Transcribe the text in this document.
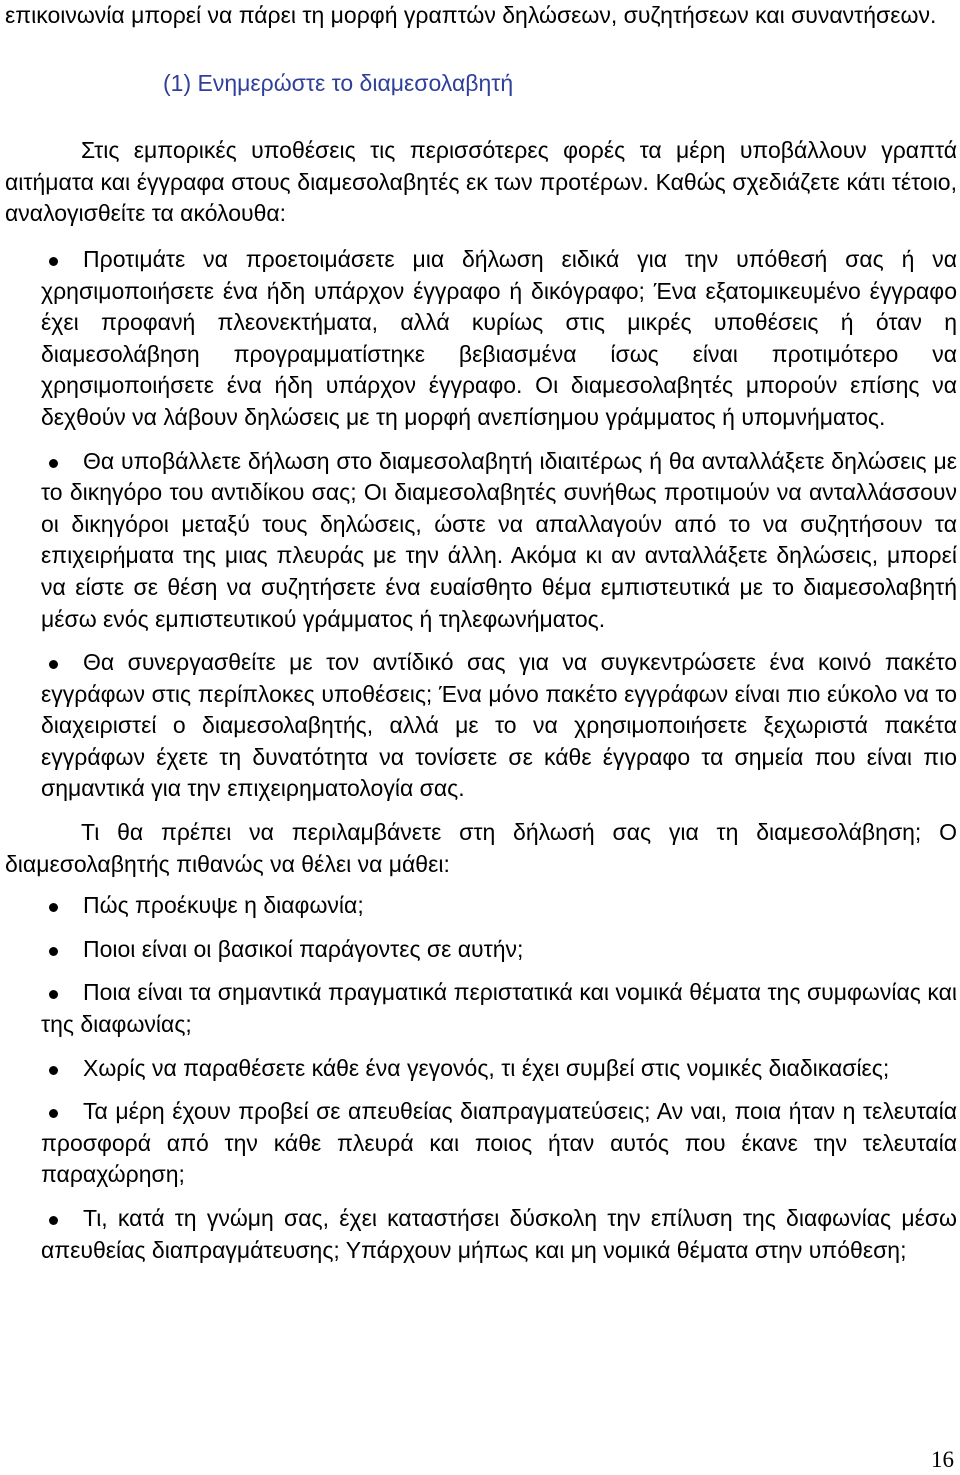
επικοινωνία μπορεί να πάρει τη μορφή γραπτών δηλώσεων, συζητήσεων και συναντήσεων.

(1) Ενημερώστε το διαμεσολαβητή

Στις εμπορικές υποθέσεις τις περισσότερες φορές τα μέρη υποβάλλουν γραπτά αιτήματα και έγγραφα στους διαμεσολαβητές εκ των προτέρων. Καθώς σχεδιάζετε κάτι τέτοιο, αναλογισθείτε τα ακόλουθα:

Προτιμάτε να προετοιμάσετε μια δήλωση ειδικά για την υπόθεσή σας ή να χρησιμοποιήσετε ένα ήδη υπάρχον έγγραφο ή δικόγραφο; Ένα εξατομικευμένο έγγραφο έχει προφανή πλεονεκτήματα, αλλά κυρίως στις μικρές υποθέσεις ή όταν η διαμεσολάβηση προγραμματίστηκε βεβιασμένα ίσως είναι προτιμότερο να χρησιμοποιήσετε ένα ήδη υπάρχον έγγραφο. Οι διαμεσολαβητές μπορούν επίσης να δεχθούν να λάβουν δηλώσεις με τη μορφή ανεπίσημου γράμματος ή υπομνήματος.
Θα υποβάλλετε δήλωση στο διαμεσολαβητή ιδιαιτέρως ή θα ανταλλάξετε δηλώσεις με το δικηγόρο του αντιδίκου σας; Οι διαμεσολαβητές συνήθως προτιμούν να ανταλλάσσουν οι δικηγόροι μεταξύ τους δηλώσεις, ώστε να απαλλαγούν από το να συζητήσουν τα επιχειρήματα της μιας πλευράς με την άλλη. Ακόμα κι αν ανταλλάξετε δηλώσεις, μπορεί να είστε σε θέση να συζητήσετε ένα ευαίσθητο θέμα εμπιστευτικά με το διαμεσολαβητή μέσω ενός εμπιστευτικού γράμματος ή τηλεφωνήματος.
Θα συνεργασθείτε με τον αντίδικό σας για να συγκεντρώσετε ένα κοινό πακέτο εγγράφων στις περίπλοκες υποθέσεις; Ένα μόνο πακέτο εγγράφων είναι πιο εύκολο να το διαχειριστεί ο διαμεσολαβητής, αλλά με το να χρησιμοποιήσετε ξεχωριστά πακέτα εγγράφων έχετε τη δυνατότητα να τονίσετε σε κάθε έγγραφο τα σημεία που είναι πιο σημαντικά για την επιχειρηματολογία σας.

Τι θα πρέπει να περιλαμβάνετε στη δήλωσή σας για τη διαμεσολάβηση; Ο διαμεσολαβητής πιθανώς να θέλει να μάθει:

Πώς προέκυψε η διαφωνία;
Ποιοι είναι οι βασικοί παράγοντες σε αυτήν;
Ποια είναι τα σημαντικά πραγματικά περιστατικά και νομικά θέματα της συμφωνίας και της διαφωνίας;
Χωρίς να παραθέσετε κάθε ένα γεγονός, τι έχει συμβεί στις νομικές διαδικασίες;
Τα μέρη έχουν προβεί σε απευθείας διαπραγματεύσεις; Αν ναι, ποια ήταν η τελευταία προσφορά από την κάθε πλευρά και ποιος ήταν αυτός που έκανε την τελευταία παραχώρηση;
Τι, κατά τη γνώμη σας, έχει καταστήσει δύσκολη την επίλυση της διαφωνίας μέσω απευθείας διαπραγμάτευσης; Υπάρχουν μήπως και μη νομικά θέματα στην υπόθεση;
16
